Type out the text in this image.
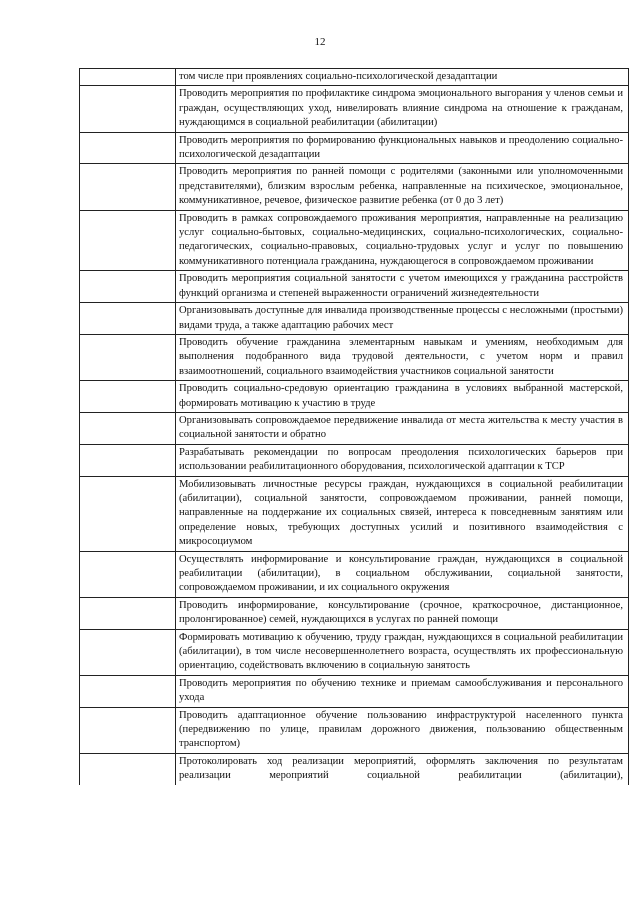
12
том числе при проявлениях социально-психологической дезадаптации
Проводить мероприятия по профилактике синдрома эмоционального выгорания у членов семьи и граждан, осуществляющих уход, нивелировать влияние синдрома на отношение к гражданам, нуждающимся в социальной реабилитации (абилитации)
Проводить мероприятия по формированию функциональных навыков и преодолению социально-психологической дезадаптации
Проводить мероприятия по ранней помощи с родителями (законными или уполномоченными представителями), близким взрослым ребенка, направленные на психическое, эмоциональное, коммуникативное, речевое, физическое развитие ребенка (от 0 до 3 лет)
Проводить в рамках сопровождаемого проживания мероприятия, направленные на реализацию услуг социально-бытовых, социально-медицинских, социально-психологических, социально-педагогических, социально-правовых, социально-трудовых услуг и услуг по повышению коммуникативного потенциала гражданина, нуждающегося в сопровождаемом проживании
Проводить мероприятия социальной занятости с учетом имеющихся у гражданина расстройств функций организма и степеней выраженности ограничений жизнедеятельности
Организовывать доступные для инвалида производственные процессы с несложными (простыми) видами труда, а также адаптацию рабочих мест
Проводить обучение гражданина элементарным навыкам и умениям, необходимым для выполнения подобранного вида трудовой деятельности, с учетом норм и правил взаимоотношений, социального взаимодействия участников социальной занятости
Проводить социально-средовую ориентацию гражданина в условиях выбранной мастерской, формировать мотивацию к участию в труде
Организовывать сопровождаемое передвижение инвалида от места жительства к месту участия в социальной занятости и обратно
Разрабатывать рекомендации по вопросам преодоления психологических барьеров при использовании реабилитационного оборудования, психологической адаптации к ТСР
Мобилизовывать личностные ресурсы граждан, нуждающихся в социальной реабилитации (абилитации), социальной занятости, сопровождаемом проживании, ранней помощи, направленные на поддержание их социальных связей, интереса к повседневным занятиям или определение новых, требующих доступных усилий и позитивного взаимодействия с микросоциумом
Осуществлять информирование и консультирование граждан, нуждающихся в социальной реабилитации (абилитации), в социальном обслуживании, социальной занятости, сопровождаемом проживании, и их социального окружения
Проводить информирование, консультирование (срочное, краткосрочное, дистанционное, пролонгированное) семей, нуждающихся в услугах по ранней помощи
Формировать мотивацию к обучению, труду граждан, нуждающихся в социальной реабилитации (абилитации), в том числе несовершеннолетнего возраста, осуществлять их профессиональную ориентацию, содействовать включению в социальную занятость
Проводить мероприятия по обучению технике и приемам самообслуживания и персонального ухода
Проводить адаптационное обучение пользованию инфраструктурой населенного пункта (передвижению по улице, правилам дорожного движения, пользованию общественным транспортом)
Протоколировать ход реализации мероприятий, оформлять заключения по результатам реализации мероприятий социальной реабилитации (абилитации),
